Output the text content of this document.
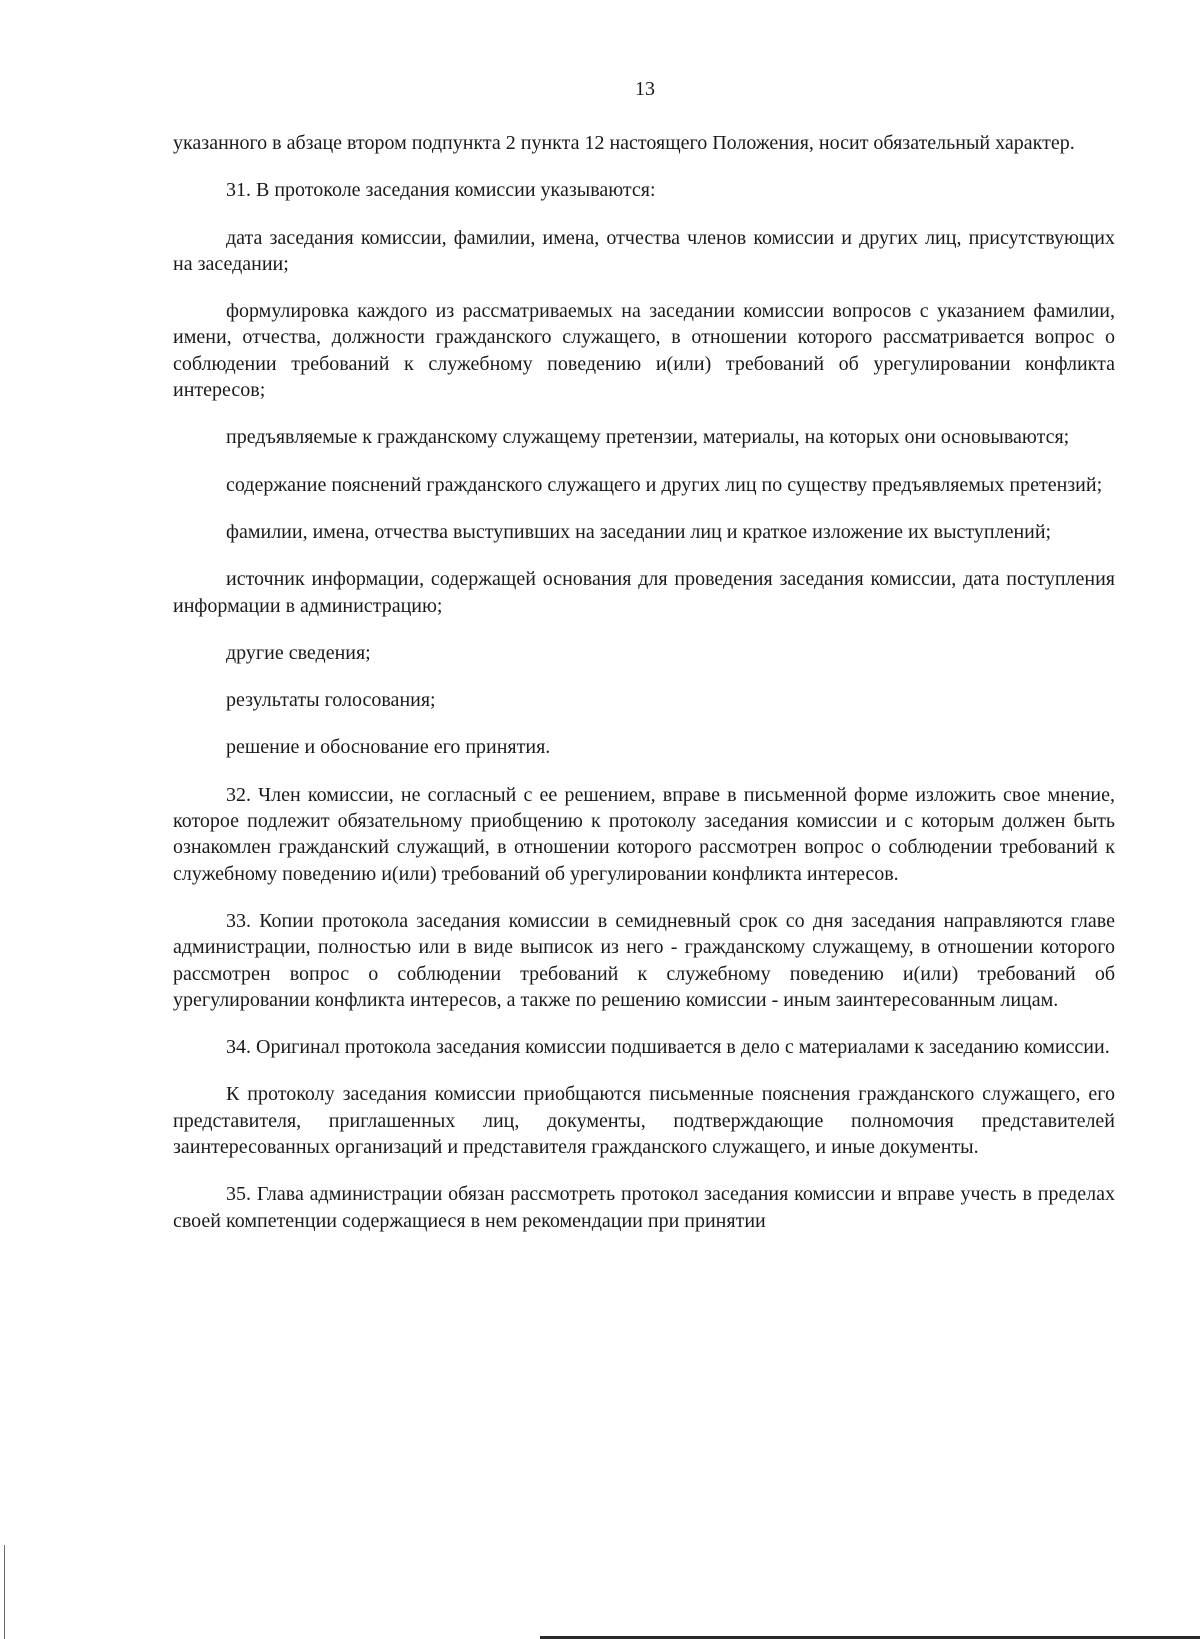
13

указанного в абзаце втором подпункта 2 пункта 12 настоящего Положения, носит обязательный характер.

31. В протоколе заседания комиссии указываются:

дата заседания комиссии, фамилии, имена, отчества членов комиссии и других лиц, присутствующих на заседании;

формулировка каждого из рассматриваемых на заседании комиссии вопросов с указанием фамилии, имени, отчества, должности гражданского служащего, в отношении которого рассматривается вопрос о соблюдении требований к служебному поведению и(или) требований об урегулировании конфликта интересов;

предъявляемые к гражданскому служащему претензии, материалы, на которых они основываются;

содержание пояснений гражданского служащего и других лиц по существу предъявляемых претензий;

фамилии, имена, отчества выступивших на заседании лиц и краткое изложение их выступлений;

источник информации, содержащей основания для проведения заседания комиссии, дата поступления информации в администрацию;

другие сведения;

результаты голосования;

решение и обоснование его принятия.

32. Член комиссии, не согласный с ее решением, вправе в письменной форме изложить свое мнение, которое подлежит обязательному приобщению к протоколу заседания комиссии и с которым должен быть ознакомлен гражданский служащий, в отношении которого рассмотрен вопрос о соблюдении требований к служебному поведению и(или) требований об урегулировании конфликта интересов.

33. Копии протокола заседания комиссии в семидневный срок со дня заседания направляются главе администрации, полностью или в виде выписок из него - гражданскому служащему, в отношении которого рассмотрен вопрос о соблюдении требований к служебному поведению и(или) требований об урегулировании конфликта интересов, а также по решению комиссии - иным заинтересованным лицам.

34. Оригинал протокола заседания комиссии подшивается в дело с материалами к заседанию комиссии.

К протоколу заседания комиссии приобщаются письменные пояснения гражданского служащего, его представителя, приглашенных лиц, документы, подтверждающие полномочия представителей заинтересованных организаций и представителя гражданского служащего, и иные документы.

35. Глава администрации обязан рассмотреть протокол заседания комиссии и вправе учесть в пределах своей компетенции содержащиеся в нем рекомендации при принятии
